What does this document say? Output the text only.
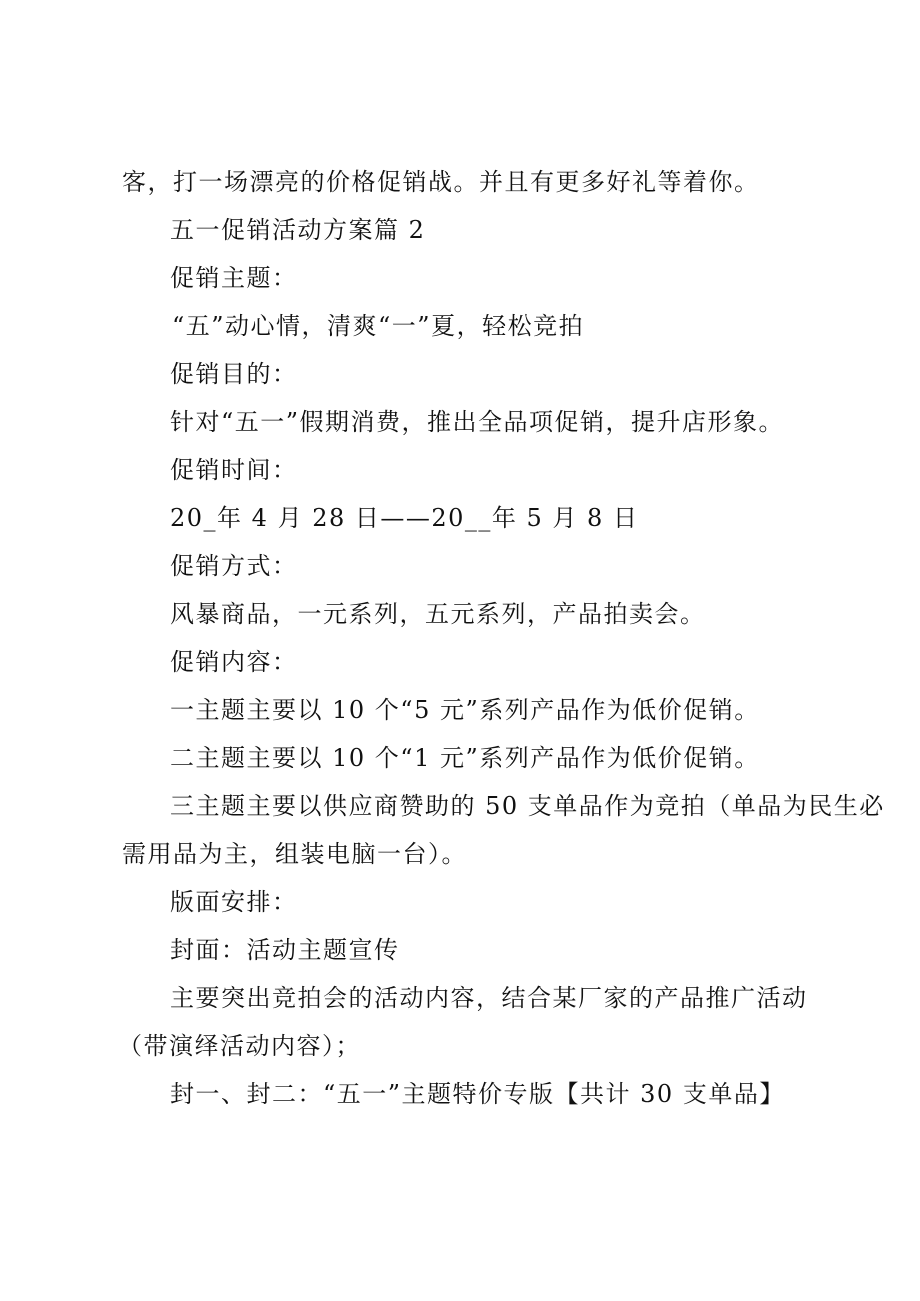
客，打一场漂亮的价格促销战。并且有更多好礼等着你。
五一促销活动方案篇 2
促销主题：
“五”动心情，清爽“一”夏，轻松竞拍
促销目的：
针对“五一”假期消费，推出全品项促销，提升店形象。
促销时间：
20_年 4 月 28 日——20__年 5 月 8 日
促销方式：
风暴商品，一元系列，五元系列，产品拍卖会。
促销内容：
一主题主要以 10 个“5 元”系列产品作为低价促销。
二主题主要以 10 个“1 元”系列产品作为低价促销。
三主题主要以供应商赞助的 50 支单品作为竞拍（单品为民生必
需用品为主，组装电脑一台）。
版面安排：
封面：活动主题宣传
主要突出竞拍会的活动内容，结合某厂家的产品推广活动
（带演绎活动内容）；
封一、封二：“五一”主题特价专版【共计 30 支单品】
